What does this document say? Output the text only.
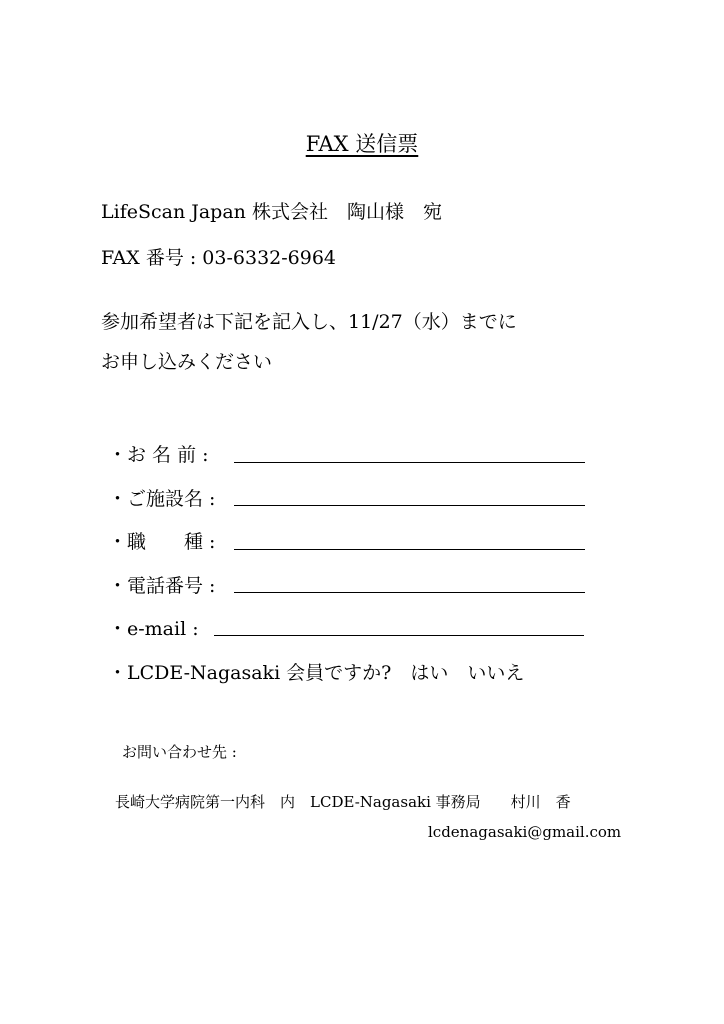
FAX 送信票
LifeScan Japan 株式会社　陶山様　宛
FAX 番号 : 03-6332-6964
参加希望者は下記を記入し、11/27（水）までに
お申し込みください
・お 名 前 :
・ご施設名 :
・職　　種 :
・電話番号 :
・e-mail :
・LCDE-Nagasaki 会員ですか?　はい　いいえ
お問い合わせ先 :
長崎大学病院第一内科　内　LCDE-Nagasaki 事務局　　村川　香
lcdenagasaki@gmail.com
